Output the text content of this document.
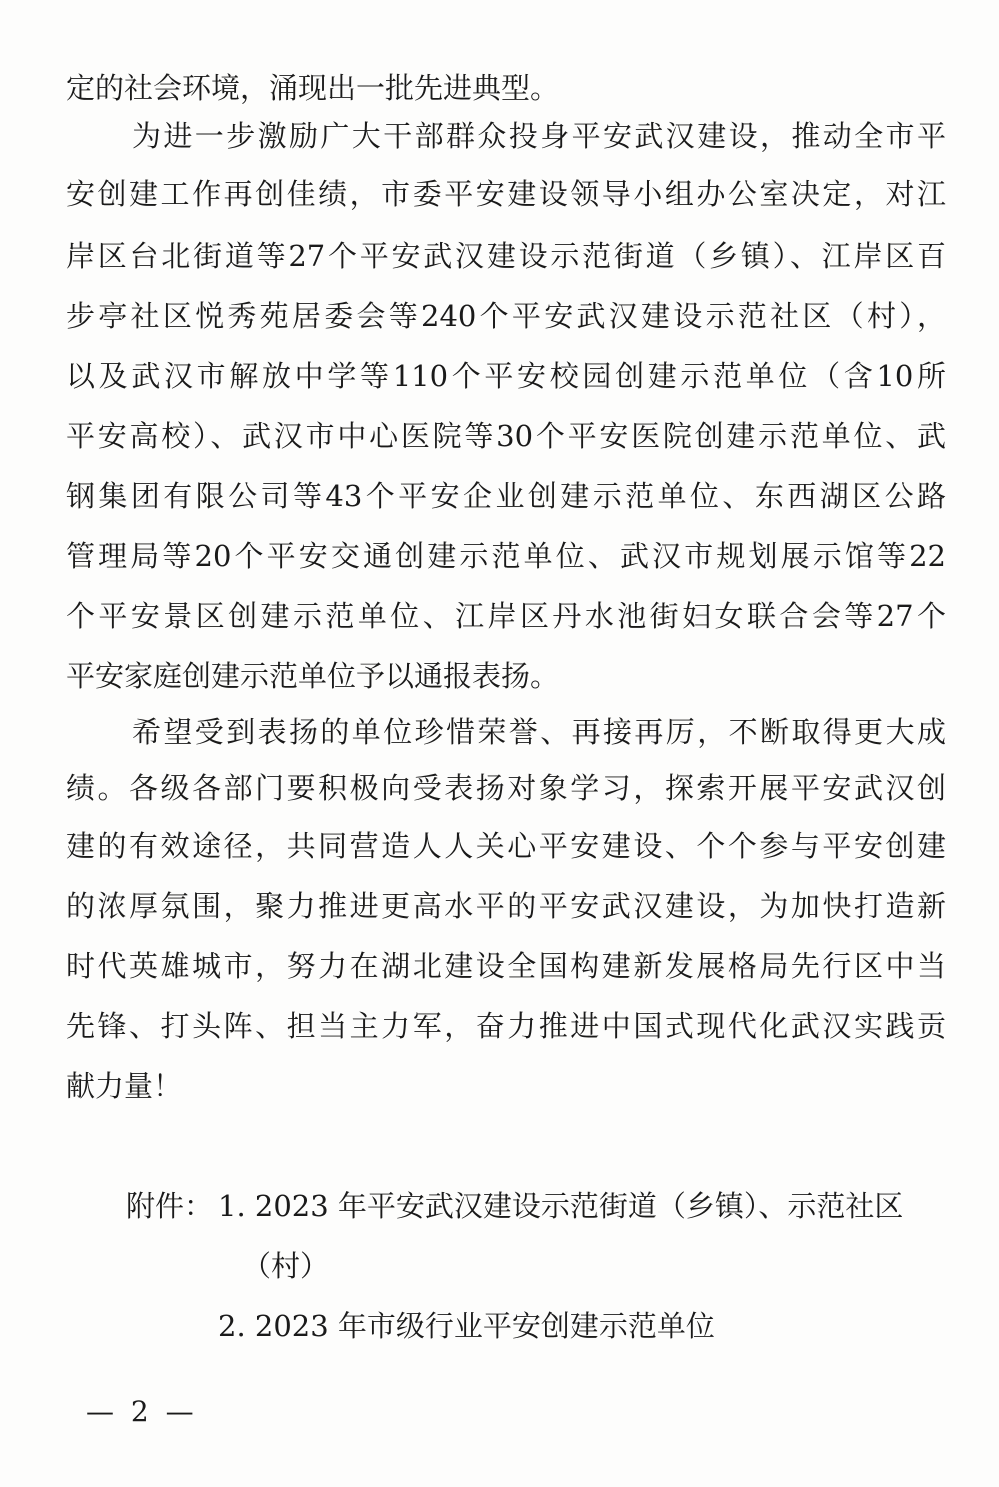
定的社会环境，涌现出一批先进典型。
为进一步激励广大干部群众投身平安武汉建设，推动全市平
安创建工作再创佳绩，市委平安建设领导小组办公室决定，对江
岸区台北街道等27个平安武汉建设示范街道（乡镇）、江岸区百
步亭社区悦秀苑居委会等240个平安武汉建设示范社区（村），
以及武汉市解放中学等110个平安校园创建示范单位（含10所
平安高校）、武汉市中心医院等30个平安医院创建示范单位、武
钢集团有限公司等43个平安企业创建示范单位、东西湖区公路
管理局等20个平安交通创建示范单位、武汉市规划展示馆等22
个平安景区创建示范单位、江岸区丹水池街妇女联合会等27个
平安家庭创建示范单位予以通报表扬。
希望受到表扬的单位珍惜荣誉、再接再厉，不断取得更大成
绩。各级各部门要积极向受表扬对象学习，探索开展平安武汉创
建的有效途径，共同营造人人关心平安建设、个个参与平安创建
的浓厚氛围，聚力推进更高水平的平安武汉建设，为加快打造新
时代英雄城市，努力在湖北建设全国构建新发展格局先行区中当
先锋、打头阵、担当主力军，奋力推进中国式现代化武汉实践贡
献力量！
附件： 1. 2023 年平安武汉建设示范街道（乡镇）、示范社区
（村）
2. 2023 年市级行业平安创建示范单位
— 2 —
